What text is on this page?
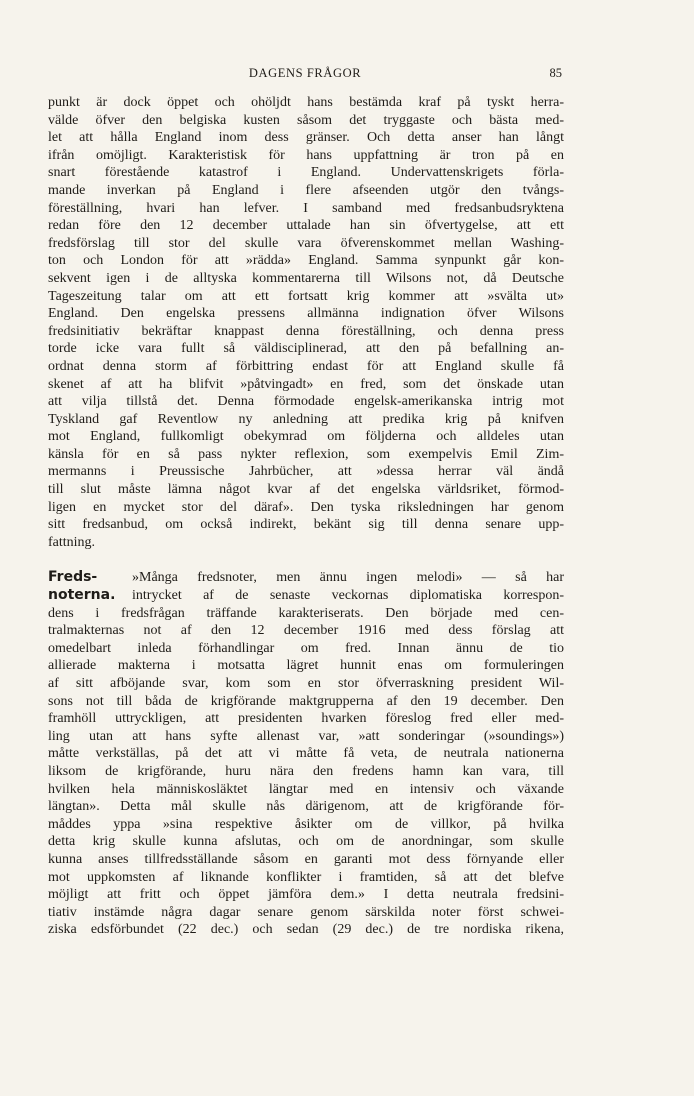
DAGENS FRÅGOR	85
punkt är dock öppet och ohöljdt hans bestämda kraf på tyskt herra-
välde öfver den belgiska kusten såsom det tryggaste och bästa med-
let att hålla England inom dess gränser. Och detta anser han långt
ifrån omöjligt. Karakteristisk för hans uppfattning är tron på en
snart förestående katastrof i England. Undervattenskrigets förla-
mande inverkan på England i flere afseenden utgör den tvångs-
föreställning, hvari han lefver. I samband med fredsanbudsryktena
redan före den 12 december uttalade han sin öfvertygelse, att ett
fredsförslag till stor del skulle vara öfverenskommet mellan Washing-
ton och London för att »rädda» England. Samma synpunkt går kon-
sekvent igen i de alltyska kommentarerna till Wilsons not, då Deutsche
Tageszeitung talar om att ett fortsatt krig kommer att »svälta ut»
England. Den engelska pressens allmänna indignation öfver Wilsons
fredsinitiativ bekräftar knappast denna föreställning, och denna press
torde icke vara fullt så väldisciplinerad, att den på befallning an-
ordnat denna storm af förbittring endast för att England skulle få
skenet af att ha blifvit »påtvingadt» en fred, som det önskade utan
att vilja tillstå det. Denna förmodade engelsk-amerikanska intrig mot
Tyskland gaf Reventlow ny anledning att predika krig på knifven
mot England, fullkomligt obekymrad om följderna och alldeles utan
känsla för en så pass nykter reflexion, som exempelvis Emil Zim-
mermanns i Preussische Jahrbücher, att »dessa herrar väl ändå
till slut måste lämna något kvar af det engelska världsriket, förmod-
ligen en mycket stor del däraf». Den tyska riksledningen har genom
sitt fredsanbud, om också indirekt, bekänt sig till denna senare upp-
fattning.
Freds-
noterna.
»Många fredsnoter, men ännu ingen melodi» — så har
intrycket af de senaste veckornas diplomatiska korrespon-
dens i fredsfrågan träffande karakteriserats. Den började med cen-
tralmakternas not af den 12 december 1916 med dess förslag att
omedelbart inleda förhandlingar om fred. Innan ännu de tio
allierade makterna i motsatta lägret hunnit enas om formuleringen
af sitt afböjande svar, kom som en stor öfverraskning president Wil-
sons not till båda de krigförande maktgrupperna af den 19 december. Den
framhöll uttryckligen, att presidenten hvarken föreslog fred eller med-
ling utan att hans syfte allenast var, »att sonderingar (»soundings»)
måtte verkställas, på det att vi måtte få veta, de neutrala nationerna
liksom de krigförande, huru nära den fredens hamn kan vara, till
hvilken hela människosläktet längtar med en intensiv och växande
längtan». Detta mål skulle nås därigenom, att de krigförande för-
måddes yppa »sina respektive åsikter om de villkor, på hvilka
detta krig skulle kunna afslutas, och om de anordningar, som skulle
kunna anses tillfredsställande såsom en garanti mot dess förnyande eller
mot uppkomsten af liknande konflikter i framtiden, så att det blefve
möjligt att fritt och öppet jämföra dem.» I detta neutrala fredsini-
tiativ instämde några dagar senare genom särskilda noter först schwei-
ziska edsförbundet (22 dec.) och sedan (29 dec.) de tre nordiska rikena,
